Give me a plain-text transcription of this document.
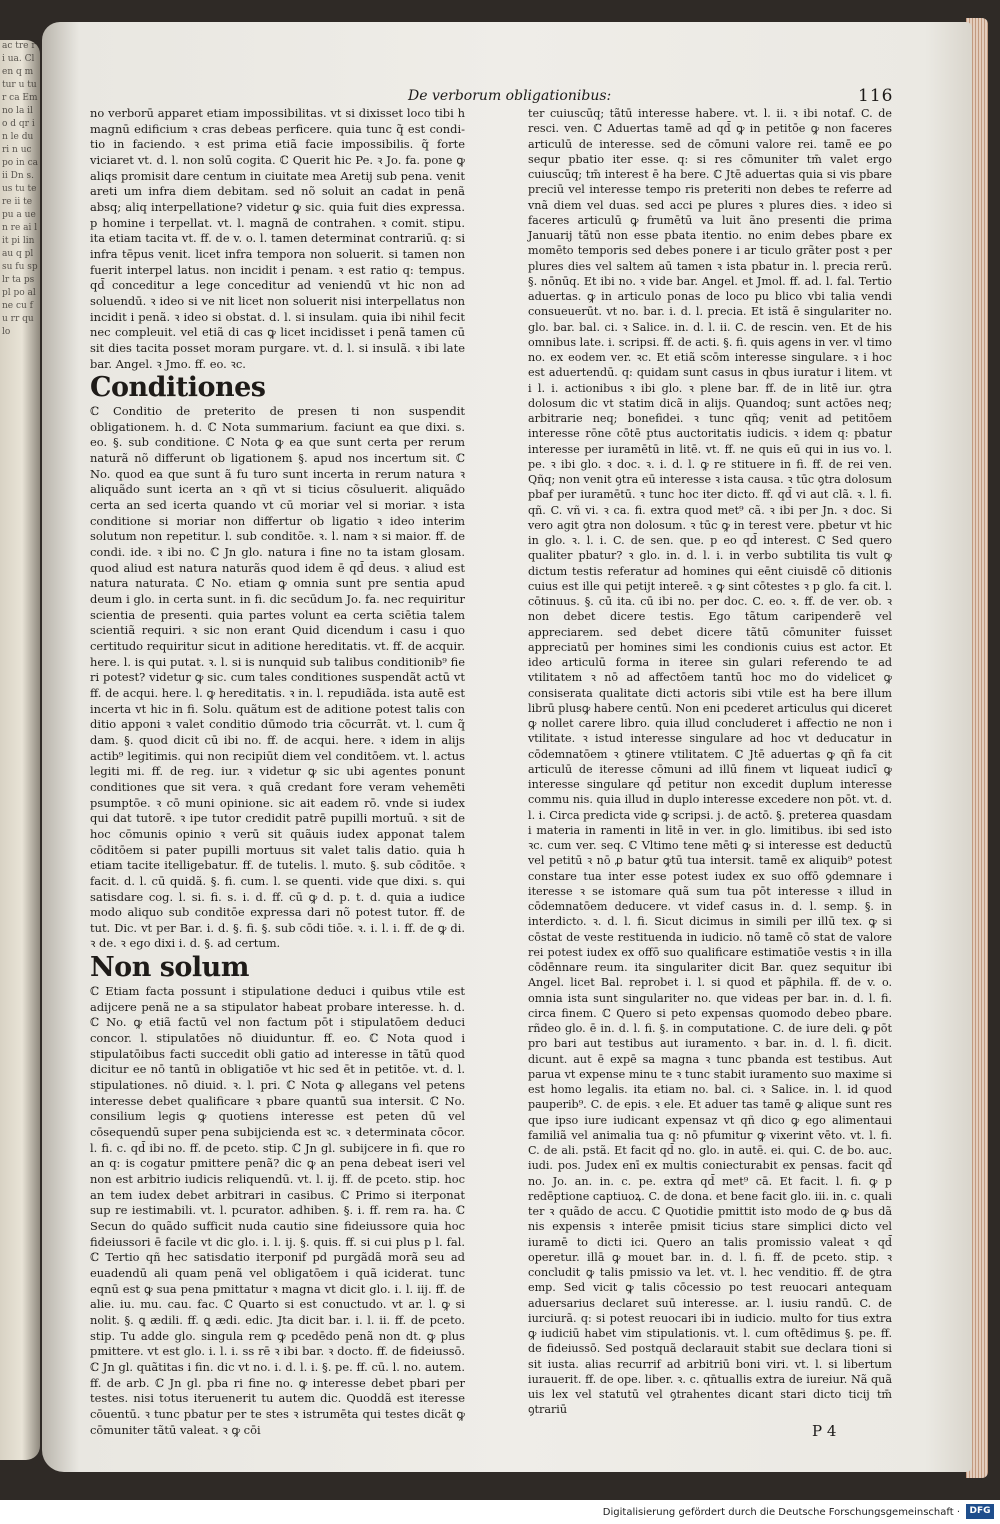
ac tre ri ua. Clen q m tur u tur ca Em no la ilo d qr in le du ri n uc po in ca ii Dn s. us tu te re ii te pu a ue n re ai lit pi lin au q pl su fu sp lr ta ps pl po al ne cu fu rr qu lo
De verborum obligationibus:	116

no verborū apparet etiam impossibilitas. vt si dixisset loco tibi h magnū edificium ꝛ cras debeas perficere. quia tunc q̃ est condi-tio in faciendo. ꝛ est prima etiã facie impossibilis. q̃ forte viciaret vt. d. l. non solū cogita. ℂ Querit hic Pe. ꝛ Jo. fa. pone ꝙ aliqs promisit dare centum in ciuitate mea Aretij sub pena. venit areti um infra diem debitam. sed nõ soluit an cadat in penã absq; aliq interpellatione? videtur ꝙ sic. quia fuit dies expressa. p homine i terpellat. vt. l. magnã de contrahen. ꝛ comit. stipu. ita etiam tacita vt. ff. de v. o. l. tamen determinat contrariū. q: si infra tēpus venit. licet infra tempora non soluerit. si tamen non fuerit interpel latus. non incidit i penam. ꝛ est ratio q: tempus. qd̄ conceditur a lege conceditur ad veniendū vt hic non ad soluendū. ꝛ ideo si ve nit licet non soluerit nisi interpellatus non incidit i penã. ꝛ ideo si obstat. d. l. si insulam. quia ibi nihil fecit nec compleuit. vel etiã di cas ꝙ licet incidisset i penã tamen cū sit dies tacita posset moram purgare. vt. d. l. si insulã. ꝛ ibi late bar. Angel. ꝛ Jmo. ff. eo. ꝛc.

Conditiones

ℂ Conditio de preterito de presen ti non suspendit obligationem. h. d. ℂ Nota summarium. faciunt ea que dixi. s. eo. §. sub conditione. ℂ Nota ꝙ ea que sunt certa per rerum naturã nõ differunt ob ligationem §. apud nos incertum sit. ℂ No. quod ea que sunt ã fu turo sunt incerta in rerum natura ꝛ aliquãdo sunt icerta an ꝛ qñ vt si ticius cõsuluerit. aliquãdo certa an sed icerta quando vt cū moriar vel si moriar. ꝛ ista conditione si moriar non differtur ob ligatio ꝛ ideo interim solutum non repetitur. l. sub conditōe. ꝛ. l. nam ꝛ si maior. ff. de condi. ide. ꝛ ibi no. ℂ Jn glo. natura i fine no ta istam glosam. quod aliud est natura naturãs quod idem ē qd̄ deus. ꝛ aliud est natura naturata. ℂ No. etiam ꝙ omnia sunt pre sentia apud deum i glo. in certa sunt. in fi. dic secūdum Jo. fa. nec requiritur scientia de presenti. quia partes volunt ea certa sciētia talem scientiã requiri. ꝛ sic non erant Quid dicendum i casu i quo certitudo requiritur sicut in aditione hereditatis. vt. ff. de acquir. here. l. is qui putat. ꝛ. l. si is nunquid sub talibus conditionib⁹ fie ri potest? videtur ꝙ sic. cum tales conditiones suspendãt actū vt ff. de acqui. here. l. ꝙ hereditatis. ꝛ in. l. repudiãda. ista autē est incerta vt hic in fi. Solu. quãtum est de aditione potest talis con ditio apponi ꝛ valet conditio dūmodo tria cōcurrãt. vt. l. cum q̃ dam. §. quod dicit cū ibi no. ff. de acqui. here. ꝛ idem in alijs actib⁹ legitimis. qui non recipiūt diem vel conditōem. vt. l. actus legiti mi. ff. de reg. iur. ꝛ videtur ꝙ sic ubi agentes ponunt conditiones que sit vera. ꝛ quã credant fore veram vehemēti psumptōe. ꝛ cō muni opinione. sic ait eadem rō. vnde si iudex qui dat tutorē. ꝛ ipe tutor credidit patrē pupilli mortuū. ꝛ sit de hoc cōmunis opinio ꝛ verū sit quãuis iudex apponat talem cōditōem si pater pupilli mortuus sit valet talis datio. quia h etiam tacite itelligebatur. ff. de tutelis. l. muto. §. sub cōditōe. ꝛ facit. d. l. cū quidã. §. fi. cum. l. se quenti. vide que dixi. s. qui satisdare cog. l. si. fi. s. i. d. ff. cū ꝙ d. p. t. d. quia a iudice modo aliquo sub conditōe expressa dari nõ potest tutor. ff. de tut. Dic. vt per Bar. i. d. §. fi. §. sub cōdi tiōe. ꝛ. i. l. i. ff. de ꝙ di. ꝛ de. ꝛ ego dixi i. d. §. ad certum.

Non solum

ℂ Etiam facta possunt i stipulatione deduci i quibus vtile est adijcere penã ne a sa stipulator habeat probare interesse. h. d. ℂ No. ꝙ etiã factū vel non factum pōt i stipulatōem deduci concor. l. stipulatōes nō diuiduntur. ff. eo. ℂ Nota quod i stipulatōibus facti succedit obli gatio ad interesse in tãtū quod dicitur ee nō tantū in obligatiōe vt hic sed ēt in petitōe. vt. d. l. stipulationes. nō diuid. ꝛ. l. pri. ℂ Nota ꝙ allegans vel petens interesse debet qualificare ꝛ pbare quantū sua intersit. ℂ No. consilium legis ꝙ quotiens interesse est peten dū vel cōsequendū super pena subijcienda est ꝛc. ꝛ determinata cōcor. l. fi. c. qd̄ ibi no. ff. de pceto. stip. ℂ Jn gl. subijcere in fi. que ro an q: is cogatur pmittere penã? dic ꝙ an pena debeat iseri vel non est arbitrio iudicis reliquendū. vt. l. ij. ff. de pceto. stip. hoc an tem iudex debet arbitrari in casibus. ℂ Primo si iterponat sup re iestimabili. vt. l. pcurator. adhiben. §. i. ff. rem ra. ha. ℂ Secun do quãdo sufficit nuda cautio sine fideiussore quia hoc fideiussori ē facile vt dic glo. i. l. ij. §. quis. ff. si cui plus p l. fal. ℂ Tertio qñ hec satisdatio iterponif pd purgãdã morã seu ad euadendū ali quam penã vel obligatōem i quã iciderat. tunc eqnū est ꝙ sua pena pmittatur ꝛ magna vt dicit glo. i. l. iij. ff. de alie. iu. mu. cau. fac. ℂ Quarto si est conuctudo. vt ar. l. ꝙ si nolit. §. ꝗ ædili. ff. ꝗ ædi. edic. Jta dicit bar. i. l. ii. ff. de pceto. stip. Tu adde glo. singula rem ꝙ pcedēdo penã non dt. ꝙ plus pmittere. vt est glo. i. l. i. ss rē ꝛ ibi bar. ꝛ docto. ff. de fideiussō. ℂ Jn gl. quãtitas i fin. dic vt no. i. d. l. i. §. pe. ff. cū. l. no. autem. ff. de arb. ℂ Jn gl. pba ri fine no. ꝙ interesse debet pbari per testes. nisi totus iteruenerit tu autem dic. Quoddã est iteresse cōuentū. ꝛ tunc pbatur per te stes ꝛ istrumēta qui testes dicãt ꝙ cōmuniter tãtū valeat. ꝛ ꝙ cōi

ter cuiuscūq; tãtū interesse habere. vt. l. ii. ꝛ ibi notaf. C. de resci. ven. ℂ Aduertas tamē ad qd̄ ꝙ in petitōe ꝙ non faceres articulū de interesse. sed de cōmuni valore rei. tamē ee ꝑo sequr pbatio iter esse. q: si res cōmuniter tm̄ valet ergo cuiuscūq; tm̄ interest ē ha bere. ℂ Jtē aduertas quia si vis pbare preciū vel interesse tempo ris preteriti non debes te referre ad vnã diem vel duas. sed acci pe plures ꝛ plures dies. ꝛ ideo si faceres articulū ꝙ frumētū va luit ãno presenti die prima Januarij tãtū non esse pbata itentio. no enim debes pbare ex momēto temporis sed debes ponere i ar ticulo grãter post ꝛ per plures dies vel saltem aū tamen ꝛ ista pbatur in. l. precia rerū. §. nōnūq. Et ibi no. ꝛ vide bar. Angel. et Jmol. ff. ad. l. fal. Tertio aduertas. ꝙ in articulo ponas de loco pu blico vbi talia vendi consueuerūt. vt no. bar. i. d. l. precia. Et istã ē singulariter no. glo. bar. bal. ci. ꝛ Salice. in. d. l. ii. C. de rescin. ven. Et de his omnibus late. i. scripsi. ff. de acti. §. fi. quis agens in ver. vl timo no. ex eodem ver. ꝛc. Et etiã scōm interesse singulare. ꝛ i hoc est aduertendū. q: quidam sunt casus in qbus iuratur i litem. vt i l. i. actionibus ꝛ ibi glo. ꝛ plene bar. ff. de in litē iur. ꝯtra dolosum dic vt statim dicã in alijs. Quandoq; sunt actōes neq; arbitrarie neq; bonefidei. ꝛ tunc qñq; venit ad petitōem interesse rōne cōtē ptus auctoritatis iudicis. ꝛ idem q: pbatur interesse per iuramētū in litē. vt. ff. ne quis eū qui in ius vo. l. pe. ꝛ ibi glo. ꝛ doc. ꝛ. i. d. l. ꝙ re stituere in fi. ff. de rei ven. Qñq; non venit ꝯtra eū interesse ꝛ ista causa. ꝛ tūc ꝯtra dolosum pbaf per iuramētū. ꝛ tunc hoc iter dicto. ff. qd̄ vi aut clã. ꝛ. l. fi. qñ. C. vñ vi. ꝛ ca. fi. extra quod met⁹ cã. ꝛ ibi per Jn. ꝛ doc. Si vero agit ꝯtra non dolosum. ꝛ tūc ꝙ in terest vere. pbetur vt hic in glo. ꝛ. l. i. C. de sen. que. p eo qd̄ interest. ℂ Sed quero qualiter pbatur? ꝛ glo. in. d. l. i. in verbo subtilita tis vult ꝙ dictum testis referatur ad homines qui eēnt ciuisdē cō ditionis cuius est ille qui petijt intereē. ꝛ ꝙ sint cōtestes ꝛ p glo. fa cit. l. cōtinuus. §. cū ita. cū ibi no. per doc. C. eo. ꝛ. ff. de ver. ob. ꝛ non debet dicere testis. Ego tãtum caripenderē vel appreciarem. sed debet dicere tãtū cōmuniter fuisset appreciatū per homines simi les condionis cuius est actor. Et ideo articulū forma in iteree sin gulari referendo te ad vtilitatem ꝛ nō ad affectōem tantū hoc mo do videlicet ꝙ consiserata qualitate dicti actoris sibi vtile est ha bere illum librū plusꝙ habere centū. Non eni pcederet articulus qui diceret ꝙ nollet carere libro. quia illud concluderet i affectio ne non i vtilitate. ꝛ istud interesse singulare ad hoc vt deducatur in cōdemnatōem ꝛ ꝯtinere vtilitatem. ℂ Jtē aduertas ꝙ qñ fa cit articulū de iteresse cōmuni ad illū finem vt liqueat iudicī ꝙ interesse singulare qd̄ petitur non excedit duplum interesse commu nis. quia illud in duplo interesse excedere non pōt. vt. d. l. i. Circa predicta vide ꝙ scripsi. j. de actō. §. preterea quasdam i materia in ramenti in litē in ver. in glo. limitibus. ibi sed isto ꝛc. cum ver. seq. ℂ Vltimo tene mēti ꝙ si interesse est deductū vel petitū ꝛ nō ꝓ batur ꝙtū tua intersit. tamē ex aliquib⁹ potest constare tua inter esse potest iudex ex suo offō ꝯdemnare i iteresse ꝛ se istomare quã sum tua pōt interesse ꝛ illud in cōdemnatōem deducere. vt videf casus in. d. l. semp. §. in interdicto. ꝛ. d. l. fi. Sicut dicimus in simili per illū tex. ꝙ si cōstat de veste restituenda in iudicio. nõ tamē cō stat de valore rei potest iudex ex offō suo qualificare estimatiōe vestis ꝛ in illa cōdēnnare reum. ita singulariter dicit Bar. quez sequitur ibi Angel. licet Bal. reprobet i. l. si quod et pãphila. ff. de v. o. omnia ista sunt singulariter no. que videas per bar. in. d. l. fi. circa finem. ℂ Quero si peto expensas quomodo debeo pbare. rñdeo glo. ē in. d. l. fi. §. in computatione. C. de iure deli. ꝙ pōt pro bari aut testibus aut iuramento. ꝛ bar. in. d. l. fi. dicit. dicunt. aut ē expē sa magna ꝛ tunc pbanda est testibus. Aut parua vt expense minu te ꝛ tunc stabit iuramento suo maxime si est homo legalis. ita etiam no. bal. ci. ꝛ Salice. in. l. id quod pauperib⁹. C. de epis. ꝛ ele. Et aduer tas tamē ꝙ alique sunt res que ipso iure iudicant expensaz vt qñ dico ꝙ ego alimentaui familiã vel animalia tua q: nō pfumitur ꝙ vixerint vēto. vt. l. fi. C. de ali. pstã. Et facit qd̄ no. glo. in autē. ei. qui. C. de bo. auc. iudi. pos. Judex enī ex multis coniecturabit ex pensas. facit qd̄ no. Jo. an. in. c. pe. extra qd̄ met⁹ cā. Et facit. l. fi. ꝙ p redēptione captiuoꝝ. C. de dona. et bene facit glo. iii. in. c. quali ter ꝛ quãdo de accu. ℂ Quotidie pmittit isto modo de ꝙ bus dã nis expensis ꝛ interēe pmisit ticius stare simplici dicto vel iuramē to dicti ici. Quero an talis promissio valeat ꝛ qd̄ operetur. illā ꝙ mouet bar. in. d. l. fi. ff. de pceto. stip. ꝛ concludit ꝙ talis pmissio va let. vt. l. hec venditio. ff. de ꝯtra emp. Sed vicit ꝙ talis cōcessio po test reuocari antequam aduersarius declaret suū interesse. ar. l. iusiu randū. C. de iurciurã. q: si potest reuocari ibi in iudicio. multo for tius extra ꝙ iudiciū habet vim stipulationis. vt. l. cum oftēdimus §. pe. ff. de fideiussō. Sed postquã declarauit stabit sue declara tioni si sit iusta. alias recurrif ad arbitriū boni viri. vt. l. si libertum iurauerit. ff. de ope. liber. ꝛ. c. qn̄tuallis extra de iureiur. Nã quã uis lex vel statutū vel ꝯtrahentes dicant stari dicto ticij tm̄ ꝯtrariū

P 4
Digitalisierung gefördert durch die Deutsche Forschungsgemeinschaft ·	DFG
